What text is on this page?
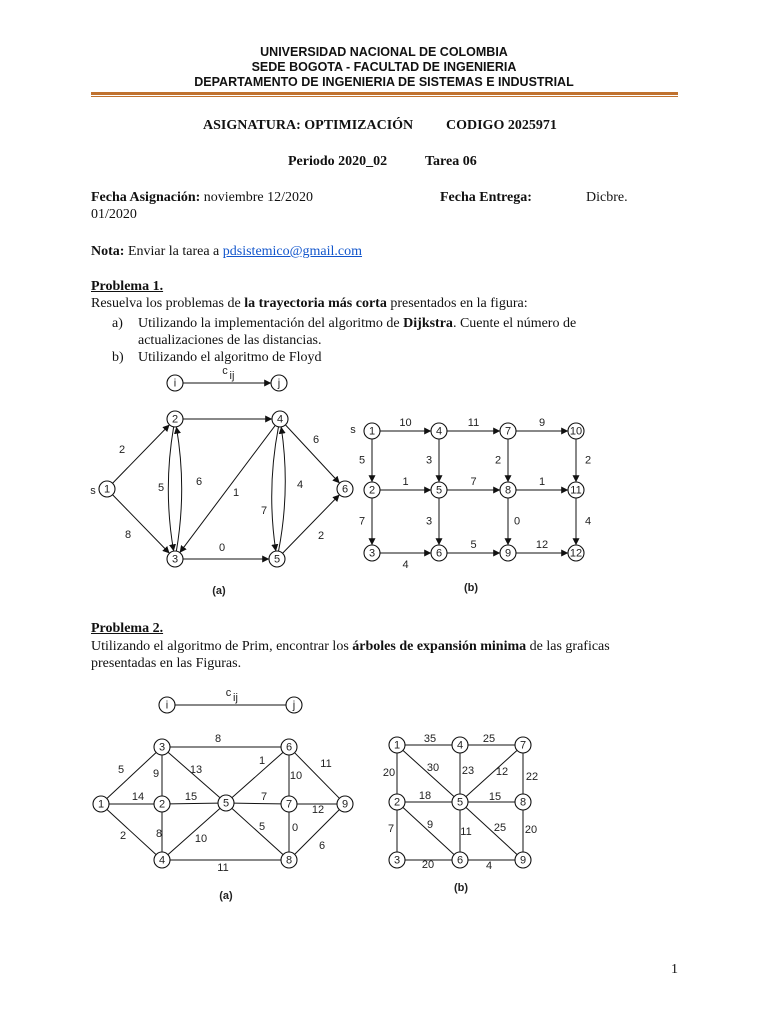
UNIVERSIDAD NACIONAL DE COLOMBIA
SEDE BOGOTA - FACULTAD DE INGENIERIA
DEPARTAMENTO DE INGENIERIA DE SISTEMAS E INDUSTRIAL
ASIGNATURA: OPTIMIZACIÓN CODIGO 2025971
Periodo 2020_02	Tarea 06
Fecha Asignación: noviembre 12/2020	Fecha Entrega:	Dicbre.
01/2020
Nota: Enviar la tarea a pdsistemico@gmail.com
Problema 1.
Resuelva los problemas de la trayectoria más corta presentados en la figura:
a) Utilizando la implementación del algoritmo de Dijkstra. Cuente el número de
actualizaciones de las distancias.
b) Utilizando el algoritmo de Floyd
Problema 2.
Utilizando el algoritmo de Prim, encontrar los árboles de expansión minima de las graficas
presentadas en las Figuras.
1
i	j
c ij
i	j
c ij
2
8
5	6
0
1
6
4
7
2
1
2
3
4
5
6
s
(a)
10	11	9
5	3	2	2
1	7	1
7	3	0	4
4
5	12
1
2
3
4
5
6
7
8
9
10
11
12
s
(b)
5
14
2
8
9	13
15
8	10
11
1
7
5
10
11
12
0
6
1	2
3
4
5
6
7
8
9
(a)
35	25
20	30 23 12 22
18	15
7	9
11 25 20
20	4
1
2
3
4
5
6
7
8
9
(b)
